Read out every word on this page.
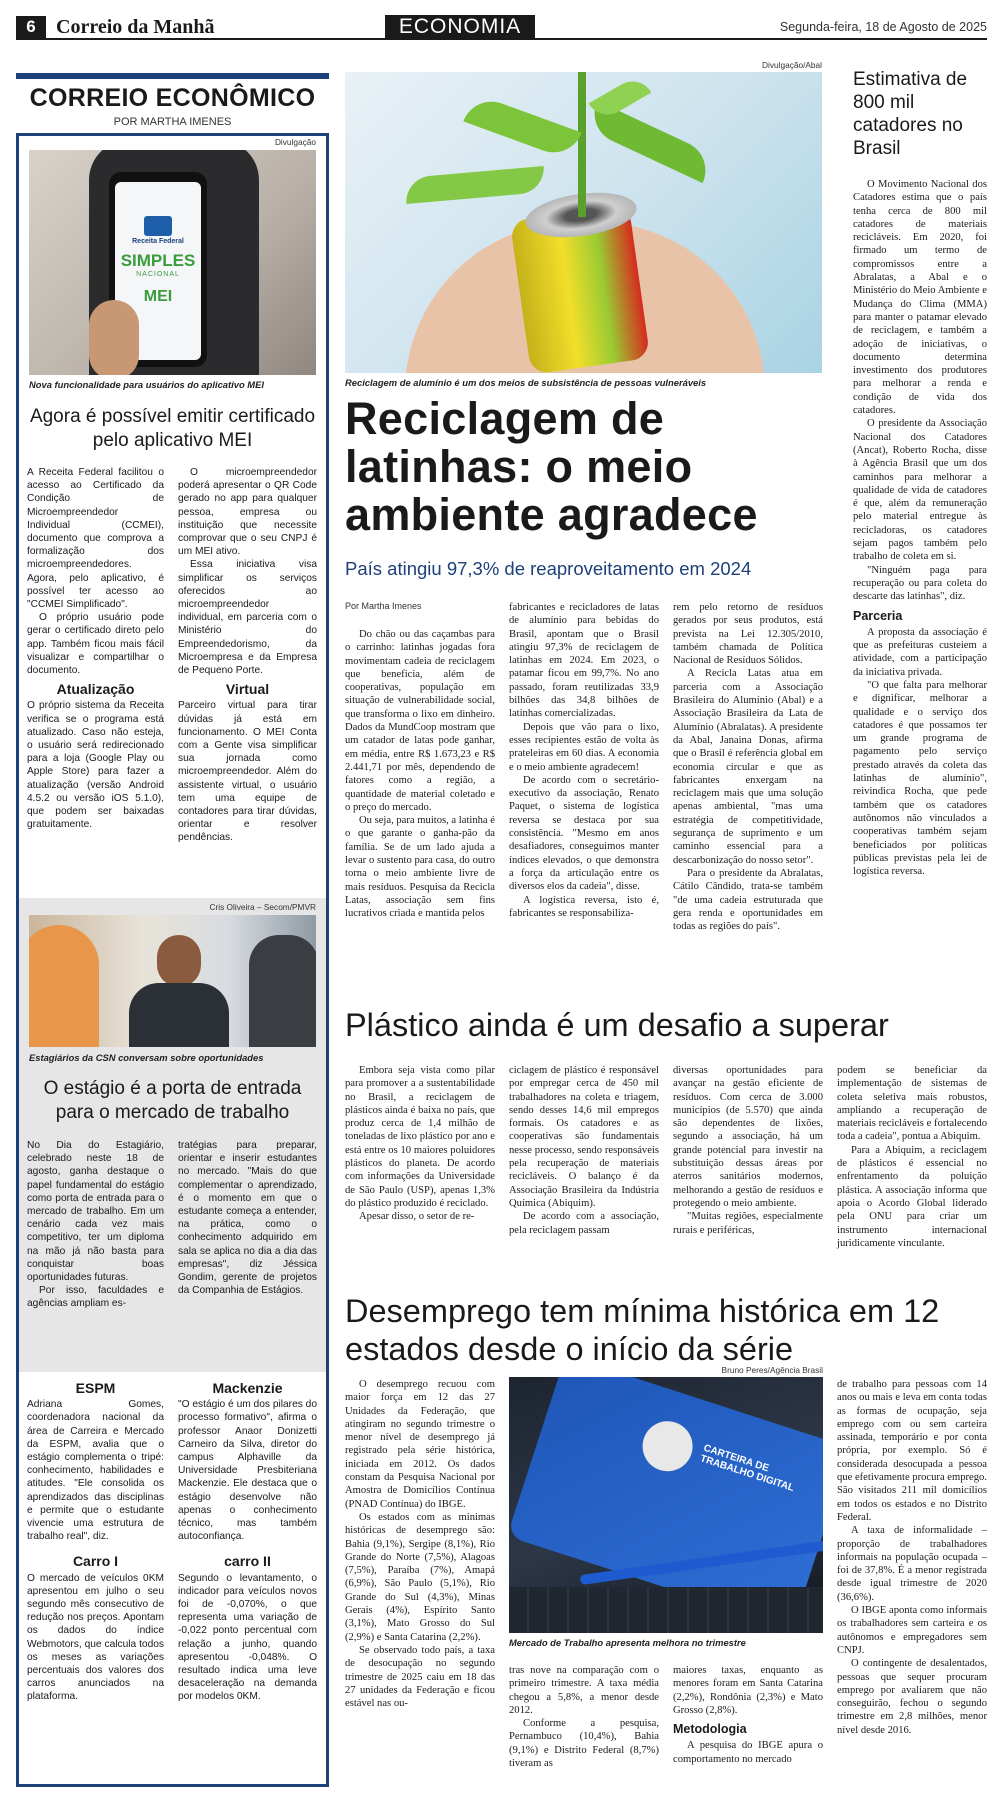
6	Correio da Manhã	ECONOMIA	Segunda-feira, 18 de Agosto de 2025
CORREIO ECONÔMICO
POR MARTHA IMENES
Divulgação
Receita Federal
SIMPLES
NACIONAL
MEI
Nova funcionalidade para usuários do aplicativo MEI
Agora é possível emitir certificado pelo aplicativo MEI

A Receita Federal facilitou o acesso ao Certificado da Condição de Microempreendedor Individual (CCMEI), documento que comprova a formalização dos microempreendedores. Agora, pelo aplicativo, é possível ter acesso ao "CCMEI Simplificado".

O próprio usuário pode gerar o certificado direto pelo app. Também ficou mais fácil visualizar e compartilhar o documento.

Atualização

O próprio sistema da Receita verifica se o programa está atualizado. Caso não esteja, o usuário será redirecionado para a loja (Google Play ou Apple Store) para fazer a atualização (versão Android 4.5.2 ou versão iOS 5.1.0), que podem ser baixadas gratuitamente.

O microempreendedor poderá apresentar o QR Code gerado no app para qualquer pessoa, empresa ou instituição que necessite comprovar que o seu CNPJ é um MEI ativo.

Essa iniciativa visa simplificar os serviços oferecidos ao microempreendedor individual, em parceria com o Ministério do Empreendedorismo, da Microempresa e da Empresa de Pequeno Porte.

Virtual

Parceiro virtual para tirar dúvidas já está em funcionamento. O MEI Conta com a Gente visa simplificar sua jornada como microempreendedor. Além do assistente virtual, o usuário tem uma equipe de contadores para tirar dúvidas, orientar e resolver pendências.

Cris Oliveira – Secom/PMVR
Estagiários da CSN conversam sobre oportunidades
O estágio é a porta de entrada para o mercado de trabalho

No Dia do Estagiário, celebrado neste 18 de agosto, ganha destaque o papel fundamental do estágio como porta de entrada para o mercado de trabalho. Em um cenário cada vez mais competitivo, ter um diploma na mão já não basta para conquistar boas oportunidades futuras.

Por isso, faculdades e agências ampliam es-

tratégias para preparar, orientar e inserir estudantes no mercado. "Mais do que complementar o aprendizado, é o momento em que o estudante começa a entender, na prática, como o conhecimento adquirido em sala se aplica no dia a dia das empresas", diz Jéssica Gondim, gerente de projetos da Companhia de Estágios.

ESPM

Adriana Gomes, coordenadora nacional da área de Carreira e Mercado da ESPM, avalia que o estágio complementa o tripé: conhecimento, habilidades e atitudes. "Ele consolida os aprendizados das disciplinas e permite que o estudante vivencie uma estrutura de trabalho real", diz.

Carro I

O mercado de veículos 0KM apresentou em julho o seu segundo mês consecutivo de redução nos preços. Apontam os dados do índice Webmotors, que calcula todos os meses as variações percentuais dos valores dos carros anunciados na plataforma.

Mackenzie

"O estágio é um dos pilares do processo formativo", afirma o professor Anaor Donizetti Carneiro da Silva, diretor do campus Alphaville da Universidade Presbiteriana Mackenzie. Ele destaca que o estágio desenvolve não apenas o conhecimento técnico, mas também autoconfiança.

carro II

Segundo o levantamento, o indicador para veículos novos foi de -0,070%, o que representa uma variação de -0,022 ponto percentual com relação a junho, quando apresentou -0,048%. O resultado indica uma leve desaceleração na demanda por modelos 0KM.

Divulgação/Abal
Reciclagem de alumínio é um dos meios de subsistência de pessoas vulneráveis
Reciclagem de latinhas: o meio ambiente agradece
País atingiu 97,3% de reaproveitamento em 2024
Por Martha Imenes

Do chão ou das caçambas para o carrinho: latinhas jogadas fora movimentam cadeia de reciclagem que beneficia, além de cooperativas, população em situação de vulnerabilidade social, que transforma o lixo em dinheiro. Dados da MundCoop mostram que um catador de latas pode ganhar, em média, entre R$ 1.673,23 e R$ 2.441,71 por mês, dependendo de fatores como a região, a quantidade de material coletado e o preço do mercado.

Ou seja, para muitos, a latinha é o que garante o ganha-pão da família. Se de um lado ajuda a levar o sustento para casa, do outro torna o meio ambiente livre de mais resíduos. Pesquisa da Recicla Latas, associação sem fins lucrativos criada e mantida pelos

fabricantes e recicladores de latas de alumínio para bebidas do Brasil, apontam que o Brasil atingiu 97,3% de reciclagem de latinhas em 2024. Em 2023, o patamar ficou em 99,7%. No ano passado, foram reutilizadas 33,9 bilhões das 34,8 bilhões de latinhas comercializadas.

Depois que vão para o lixo, esses recipientes estão de volta às prateleiras em 60 dias. A economia e o meio ambiente agradecem!

De acordo com o secretário-executivo da associação, Renato Paquet, o sistema de logística reversa se destaca por sua consistência. "Mesmo em anos desafiadores, conseguimos manter índices elevados, o que demonstra a força da articulação entre os diversos elos da cadeia", disse.

A logística reversa, isto é, fabricantes se responsabiliza-

rem pelo retorno de resíduos gerados por seus produtos, está prevista na Lei 12.305/2010, também chamada de Política Nacional de Resíduos Sólidos.

A Recicla Latas atua em parceria com a Associação Brasileira do Alumínio (Abal) e a Associação Brasileira da Lata de Alumínio (Abralatas). A presidente da Abal, Janaina Donas, afirma que o Brasil é referência global em economia circular e que as fabricantes enxergam na reciclagem mais que uma solução apenas ambiental, "mas uma estratégia de competitividade, segurança de suprimento e um caminho essencial para a descarbonização do nosso setor".

Para o presidente da Abralatas, Cátilo Cândido, trata-se também "de uma cadeia estruturada que gera renda e oportunidades em todas as regiões do país".

Estimativa de 800 mil catadores no Brasil

O Movimento Nacional dos Catadores estima que o país tenha cerca de 800 mil catadores de materiais recicláveis. Em 2020, foi firmado um termo de compromissos entre a Abralatas, a Abal e o Ministério do Meio Ambiente e Mudança do Clima (MMA) para manter o patamar elevado de reciclagem, e também a adoção de iniciativas, o documento determina investimento dos produtores para melhorar a renda e condição de vida dos catadores.

O presidente da Associação Nacional dos Catadores (Ancat), Roberto Rocha, disse à Agência Brasil que um dos caminhos para melhorar a qualidade de vida de catadores é que, além da remuneração pelo material entregue às recicladoras, os catadores sejam pagos também pelo trabalho de coleta em si.

"Ninguém paga para recuperação ou para coleta do descarte das latinhas", diz.

Parceria

A proposta da associação é que as prefeituras custeiem a atividade, com a participação da iniciativa privada.

"O que falta para melhorar e dignificar, melhorar a qualidade e o serviço dos catadores é que possamos ter um grande programa de pagamento pelo serviço prestado através da coleta das latinhas de alumínio", reivindica Rocha, que pede também que os catadores autônomos não vinculados a cooperativas também sejam beneficiados por políticas públicas previstas pela lei de logística reversa.

Plástico ainda é um desafio a superar

Embora seja vista como pilar para promover a a sustentabilidade no Brasil, a reciclagem de plásticos ainda é baixa no país, que produz cerca de 1,4 milhão de toneladas de lixo plástico por ano e está entre os 10 maiores poluidores plásticos do planeta. De acordo com informações da Universidade de São Paulo (USP), apenas 1,3% do plástico produzido é reciclado.

Apesar disso, o setor de re-

ciclagem de plástico é responsável por empregar cerca de 450 mil trabalhadores na coleta e triagem, sendo desses 14,6 mil empregos formais. Os catadores e as cooperativas são fundamentais nesse processo, sendo responsáveis pela recuperação de materiais recicláveis. O balanço é da Associação Brasileira da Indústria Química (Abiquim).

De acordo com a associação, pela reciclagem passam

diversas oportunidades para avançar na gestão eficiente de resíduos. Com cerca de 3.000 municípios (de 5.570) que ainda são dependentes de lixões, segundo a associação, há um grande potencial para investir na substituição dessas áreas por aterros sanitários modernos, melhorando a gestão de resíduos e protegendo o meio ambiente.

"Muitas regiões, especialmente rurais e periféricas,

podem se beneficiar da implementação de sistemas de coleta seletiva mais robustos, ampliando a recuperação de materiais recicláveis e fortalecendo toda a cadeia", pontua a Abiquim.

Para a Abiquim, a reciclagem de plásticos é essencial no enfrentamento da poluição plástica. A associação informa que apoia o Acordo Global liderado pela ONU para criar um instrumento internacional juridicamente vinculante.

Desemprego tem mínima histórica em 12 estados desde o início da série

O desemprego recuou com maior força em 12 das 27 Unidades da Federação, que atingiram no segundo trimestre o menor nível de desemprego já registrado pela série histórica, iniciada em 2012. Os dados constam da Pesquisa Nacional por Amostra de Domicílios Contínua (PNAD Contínua) do IBGE.

Os estados com as mínimas históricas de desemprego são: Bahia (9,1%), Sergipe (8,1%), Rio Grande do Norte (7,5%), Alagoas (7,5%), Paraíba (7%), Amapá (6,9%), São Paulo (5,1%), Rio Grande do Sul (4,3%), Minas Gerais (4%), Espírito Santo (3,1%), Mato Grosso do Sul (2,9%) e Santa Catarina (2,2%).

Se observado todo país, a taxa de desocupação no segundo trimestre de 2025 caiu em 18 das 27 unidades da Federação e ficou estável nas ou-

Bruno Peres/Agência Brasil
CARTEIRA DE TRABALHO DIGITAL
Mercado de Trabalho apresenta melhora no trimestre

tras nove na comparação com o primeiro trimestre. A taxa média chegou a 5,8%, a menor desde 2012.

Conforme a pesquisa, Pernambuco (10,4%), Bahia (9,1%) e Distrito Federal (8,7%) tiveram as

maiores taxas, enquanto as menores foram em Santa Catarina (2,2%), Rondônia (2,3%) e Mato Grosso (2,8%).

Metodologia

A pesquisa do IBGE apura o comportamento no mercado

de trabalho para pessoas com 14 anos ou mais e leva em conta todas as formas de ocupação, seja emprego com ou sem carteira assinada, temporário e por conta própria, por exemplo. Só é considerada desocupada a pessoa que efetivamente procura emprego. São visitados 211 mil domicílios em todos os estados e no Distrito Federal.

A taxa de informalidade – proporção de trabalhadores informais na população ocupada – foi de 37,8%. É a menor registrada desde igual trimestre de 2020 (36,6%).

O IBGE aponta como informais os trabalhadores sem carteira e os autônomos e empregadores sem CNPJ.

O contingente de desalentados, pessoas que sequer procuram emprego por avaliarem que não conseguirão, fechou o segundo trimestre em 2,8 milhões, menor nível desde 2016.
